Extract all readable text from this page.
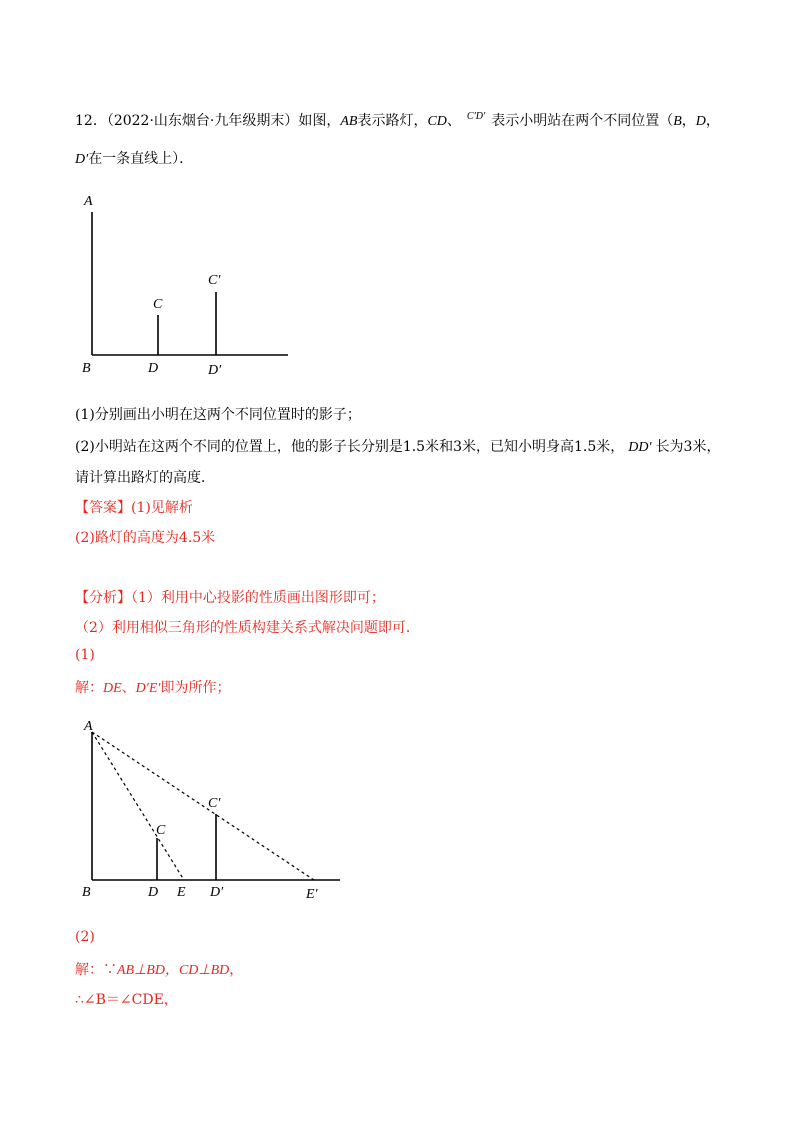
12．（2022·山东烟台·九年级期末）如图，AB表示路灯，CD、 $^{C'D'}$ 表示小明站在两个不同位置（B，D，
D′在一条直线上）．
A
B
C
D
C′
D′
(1)分别画出小明在这两个不同位置时的影子；
(2)小明站在这两个不同的位置上，他的影子长分别是1.5米和3米，已知小明身高1.5米， DD′ 长为3米，
请计算出路灯的高度．
【答案】(1)见解析
(2)路灯的高度为4.5米
【分析】（1）利用中心投影的性质画出图形即可；
（2）利用相似三角形的性质构建关系式解决问题即可．
(1)
解：DE、D′E′即为所作；
A
B
C
D E
C′
D′	E′
(2)
解：∵AB⊥BD，CD⊥BD，
∴∠B＝∠CDE，
